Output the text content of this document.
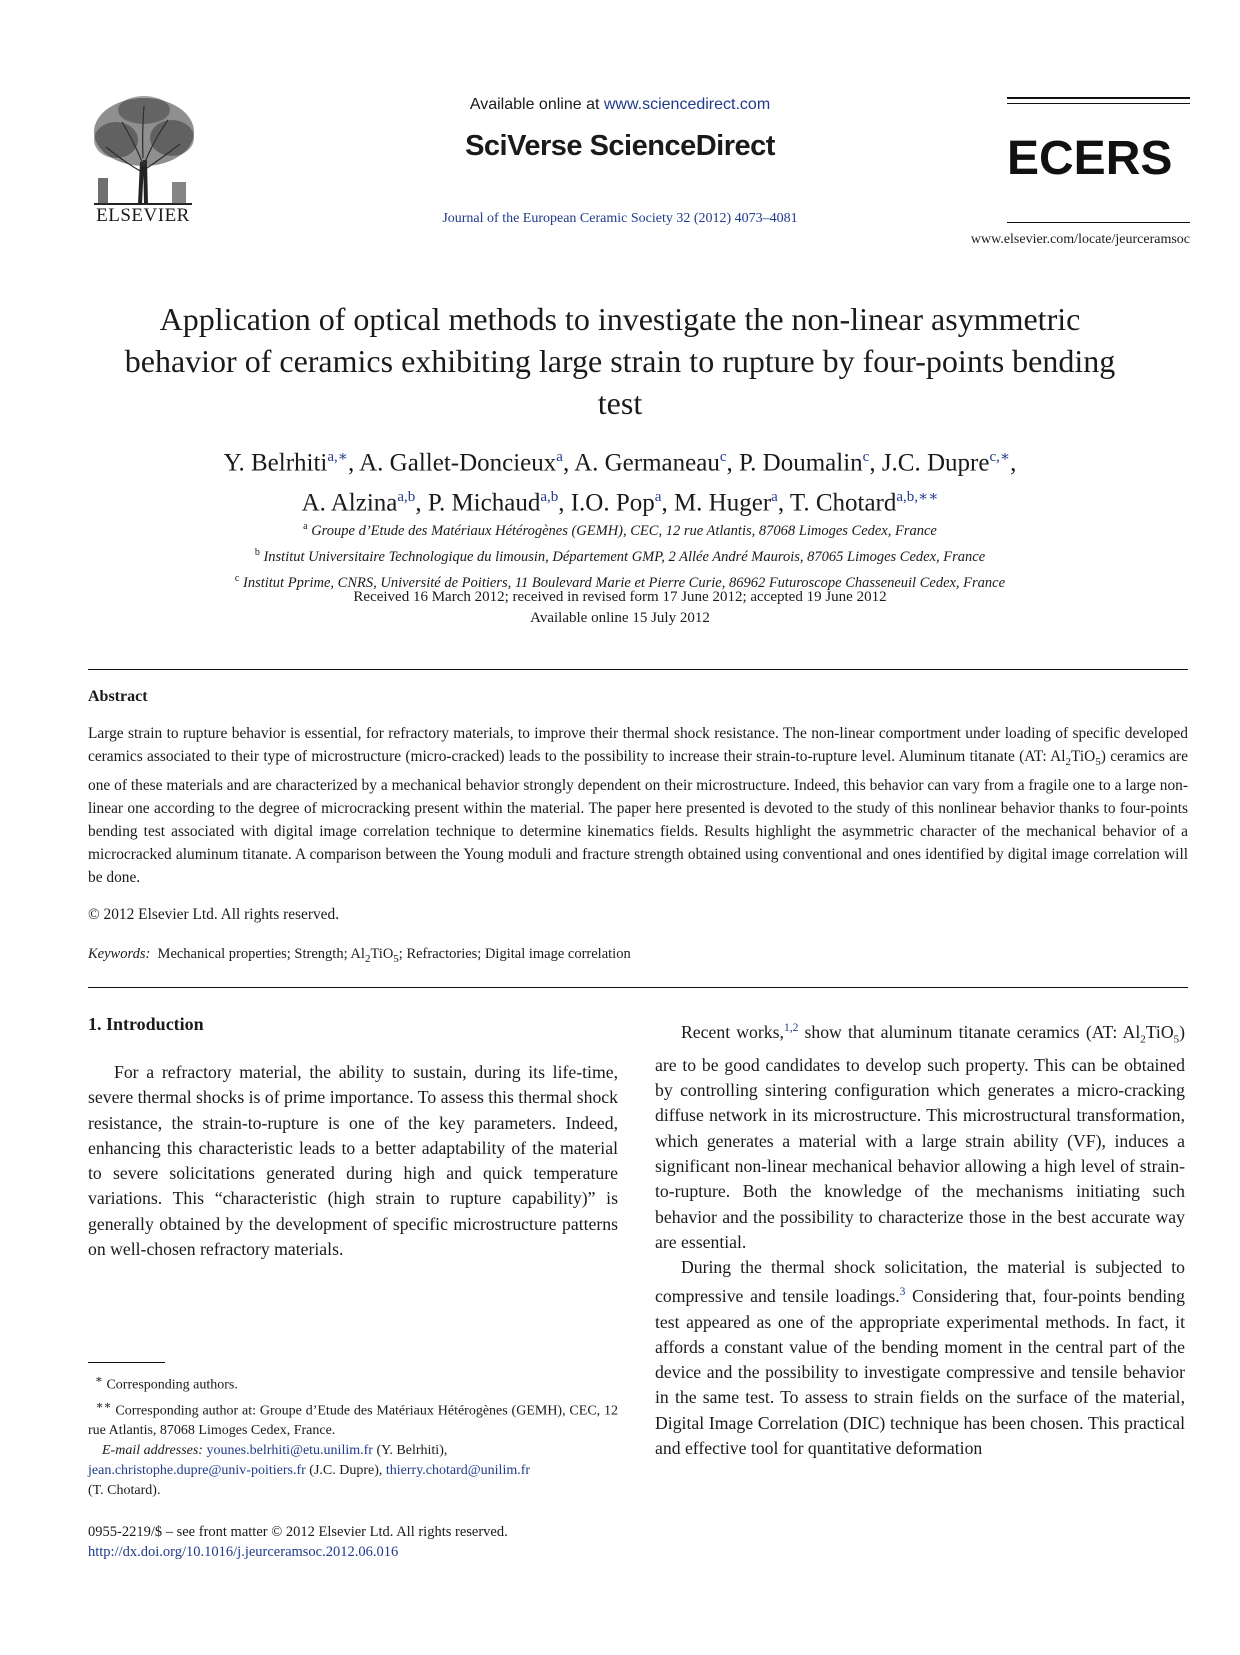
ELSEVIER
Available online at www.sciencedirect.com
SciVerse ScienceDirect
Journal of the European Ceramic Society 32 (2012) 4073–4081
ECERS
www.elsevier.com/locate/jeurceramsoc
Application of optical methods to investigate the non-linear asymmetric behavior of ceramics exhibiting large strain to rupture by four-points bending test
Y. Belrhiti$^{a,∗}$, A. Gallet-Doncieux$^a$, A. Germaneau$^c$, P. Doumalin$^c$, J.C. Dupre$^{c,∗}$,
A. Alzina$^{a,b}$, P. Michaud$^{a,b}$, I.O. Pop$^a$, M. Huger$^a$, T. Chotard$^{a,b,∗∗}$
$^a$ Groupe d’Etude des Matériaux Hétérogènes (GEMH), CEC, 12 rue Atlantis, 87068 Limoges Cedex, France
$^b$ Institut Universitaire Technologique du limousin, Département GMP, 2 Allée André Maurois, 87065 Limoges Cedex, France
$^c$ Institut Pprime, CNRS, Université de Poitiers, 11 Boulevard Marie et Pierre Curie, 86962 Futuroscope Chasseneuil Cedex, France
Received 16 March 2012; received in revised form 17 June 2012; accepted 19 June 2012
Available online 15 July 2012
Abstract
Large strain to rupture behavior is essential, for refractory materials, to improve their thermal shock resistance. The non-linear comportment under loading of specific developed ceramics associated to their type of microstructure (micro-cracked) leads to the possibility to increase their strain-to-rupture level. Aluminum titanate (AT: $Al_2TiO_5$) ceramics are one of these materials and are characterized by a mechanical behavior strongly dependent on their microstructure. Indeed, this behavior can vary from a fragile one to a large non-linear one according to the degree of microcracking present within the material. The paper here presented is devoted to the study of this nonlinear behavior thanks to four-points bending test associated with digital image correlation technique to determine kinematics fields. Results highlight the asymmetric character of the mechanical behavior of a microcracked aluminum titanate. A comparison between the Young moduli and fracture strength obtained using conventional and ones identified by digital image correlation will be done.
© 2012 Elsevier Ltd. All rights reserved.
Keywords: Mechanical properties; Strength; $Al_2TiO_5$; Refractories; Digital image correlation
1. Introduction

For a refractory material, the ability to sustain, during its life-time, severe thermal shocks is of prime importance. To assess this thermal shock resistance, the strain-to-rupture is one of the key parameters. Indeed, enhancing this characteristic leads to a better adaptability of the material to severe solicitations generated during high and quick temperature variations. This “characteristic (high strain to rupture capability)” is generally obtained by the development of specific microstructure patterns on well-chosen refractory materials.

Recent works,$^{1,2}$ show that aluminum titanate ceramics (AT: $Al_2TiO_5$) are to be good candidates to develop such property. This can be obtained by controlling sintering configuration which generates a micro-cracking diffuse network in its microstructure. This microstructural transformation, which generates a material with a large strain ability (VF), induces a significant non-linear mechanical behavior allowing a high level of strain-to-rupture. Both the knowledge of the mechanisms initiating such behavior and the possibility to characterize those in the best accurate way are essential.

During the thermal shock solicitation, the material is subjected to compressive and tensile loadings.$^3$ Considering that, four-points bending test appeared as one of the appropriate experimental methods. In fact, it affords a constant value of the bending moment in the central part of the device and the possibility to investigate compressive and tensile behavior in the same test. To assess to strain fields on the surface of the material, Digital Image Correlation (DIC) technique has been chosen. This practical and effective tool for quantitative deformation

∗ Corresponding authors.

∗∗ Corresponding author at: Groupe d’Etude des Matériaux Hétérogènes (GEMH), CEC, 12 rue Atlantis, 87068 Limoges Cedex, France.

E-mail addresses: younes.belrhiti@etu.unilim.fr (Y. Belrhiti),
jean.christophe.dupre@univ-poitiers.fr (J.C. Dupre), thierry.chotard@unilim.fr
(T. Chotard).

0955-2219/$ – see front matter © 2012 Elsevier Ltd. All rights reserved.
http://dx.doi.org/10.1016/j.jeurceramsoc.2012.06.016
